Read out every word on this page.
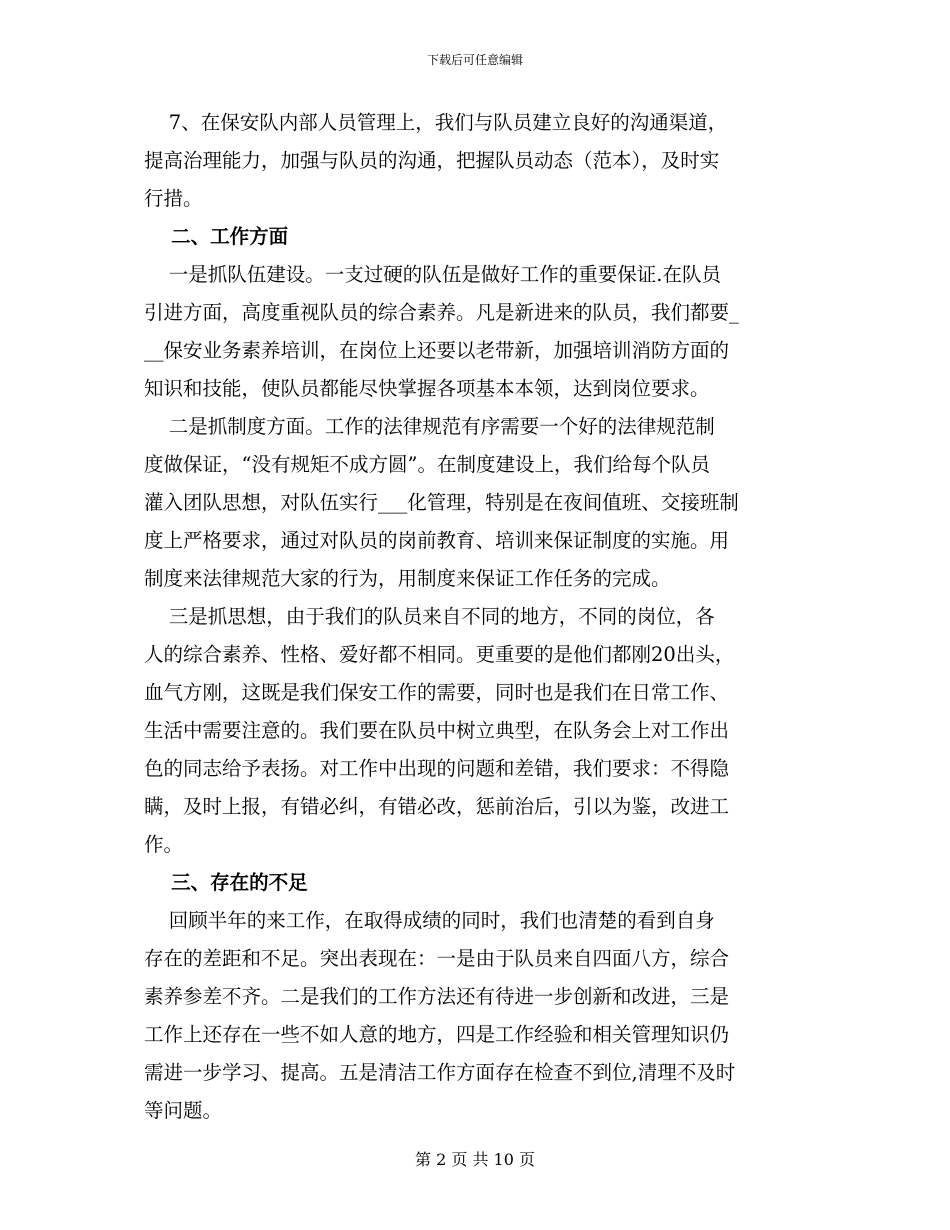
下载后可任意编辑
7、在保安队内部人员管理上，我们与队员建立良好的沟通渠道，
提高治理能力，加强与队员的沟通，把握队员动态（范本），及时实
行措。
二、工作方面
一是抓队伍建设。一支过硬的队伍是做好工作的重要保证.在队员
引进方面，高度重视队员的综合素养。凡是新进来的队员，我们都要_
__保安业务素养培训，在岗位上还要以老带新，加强培训消防方面的
知识和技能，使队员都能尽快掌握各项基本本领，达到岗位要求。
二是抓制度方面。工作的法律规范有序需要一个好的法律规范制
度做保证，“没有规矩不成方圆”。在制度建设上，我们给每个队员
灌入团队思想，对队伍实行___化管理，特别是在夜间值班、交接班制
度上严格要求，通过对队员的岗前教育、培训来保证制度的实施。用
制度来法律规范大家的行为，用制度来保证工作任务的完成。
三是抓思想，由于我们的队员来自不同的地方，不同的岗位，各
人的综合素养、性格、爱好都不相同。更重要的是他们都刚20出头，
血气方刚，这既是我们保安工作的需要，同时也是我们在日常工作、
生活中需要注意的。我们要在队员中树立典型，在队务会上对工作出
色的同志给予表扬。对工作中出现的问题和差错，我们要求：不得隐
瞒，及时上报，有错必纠，有错必改，惩前治后，引以为鉴，改进工
作。
三、存在的不足
回顾半年的来工作，在取得成绩的同时，我们也清楚的看到自身
存在的差距和不足。突出表现在：一是由于队员来自四面八方，综合
素养参差不齐。二是我们的工作方法还有待进一步创新和改进，三是
工作上还存在一些不如人意的地方，四是工作经验和相关管理知识仍
需进一步学习、提高。五是清洁工作方面存在检查不到位,清理不及时
等问题。
第 2 页 共 10 页
